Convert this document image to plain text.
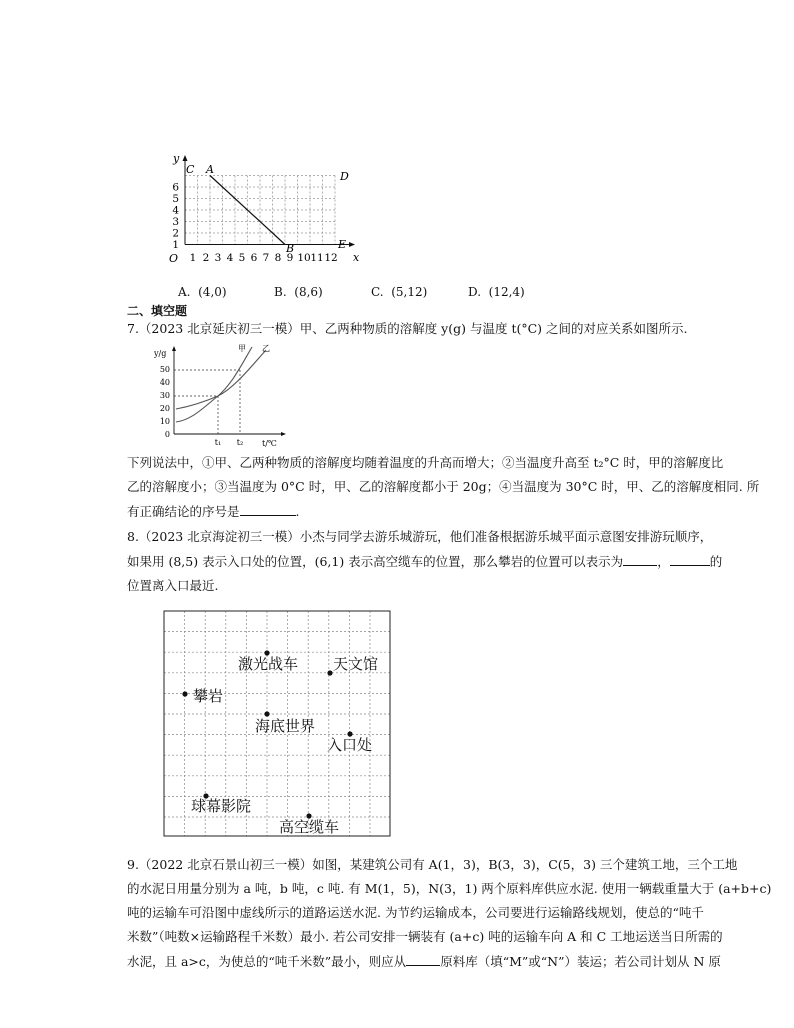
y
x
O
1
2
3
4
5
6
1 2 3 4 5 6 7 8 9 10 11 12
A
B
C
D
E
A. (4,0)	B. (8,6)	C. (5,12)	D. (12,4)
二、填空题
7.（2023 北京延庆初三一模）甲、乙两种物质的溶解度 y(g) 与温度 t(°C) 之间的对应关系如图所示.
y/g
t/℃
0
10
20
30
40
50
t₁ t₂
甲 乙
下列说法中，①甲、乙两种物质的溶解度均随着温度的升高而增大；②当温度升高至 t₂°C 时，甲的溶解度比
乙的溶解度小；③当温度为 0°C 时，甲、乙的溶解度都小于 20g；④当温度为 30°C 时，甲、乙的溶解度相同. 所
有正确结论的序号是	.
8.（2023 北京海淀初三一模）小杰与同学去游乐城游玩，他们准备根据游乐城平面示意图安排游玩顺序，
如果用 (8,5) 表示入口处的位置，(6,1) 表示高空缆车的位置，那么攀岩的位置可以表示为	，	的
位置离入口最近.
激光战车 天文馆
攀岩
海底世界
入口处
球幕影院
高空缆车
9.（2022 北京石景山初三一模）如图，某建筑公司有 A(1，3)，B(3，3)，C(5，3) 三个建筑工地，三个工地
的水泥日用量分别为 a 吨，b 吨，c 吨. 有 M(1，5)，N(3，1) 两个原料库供应水泥. 使用一辆载重量大于 (a+b+c)
吨的运输车可沿图中虚线所示的道路运送水泥. 为节约运输成本，公司要进行运输路线规划，使总的“吨千
米数”（吨数×运输路程千米数）最小. 若公司安排一辆装有 (a+c) 吨的运输车向 A 和 C 工地运送当日所需的
水泥，且 a>c，为使总的“吨千米数”最小，则应从	原料库（填“M”或“N”）装运；若公司计划从 N 原
